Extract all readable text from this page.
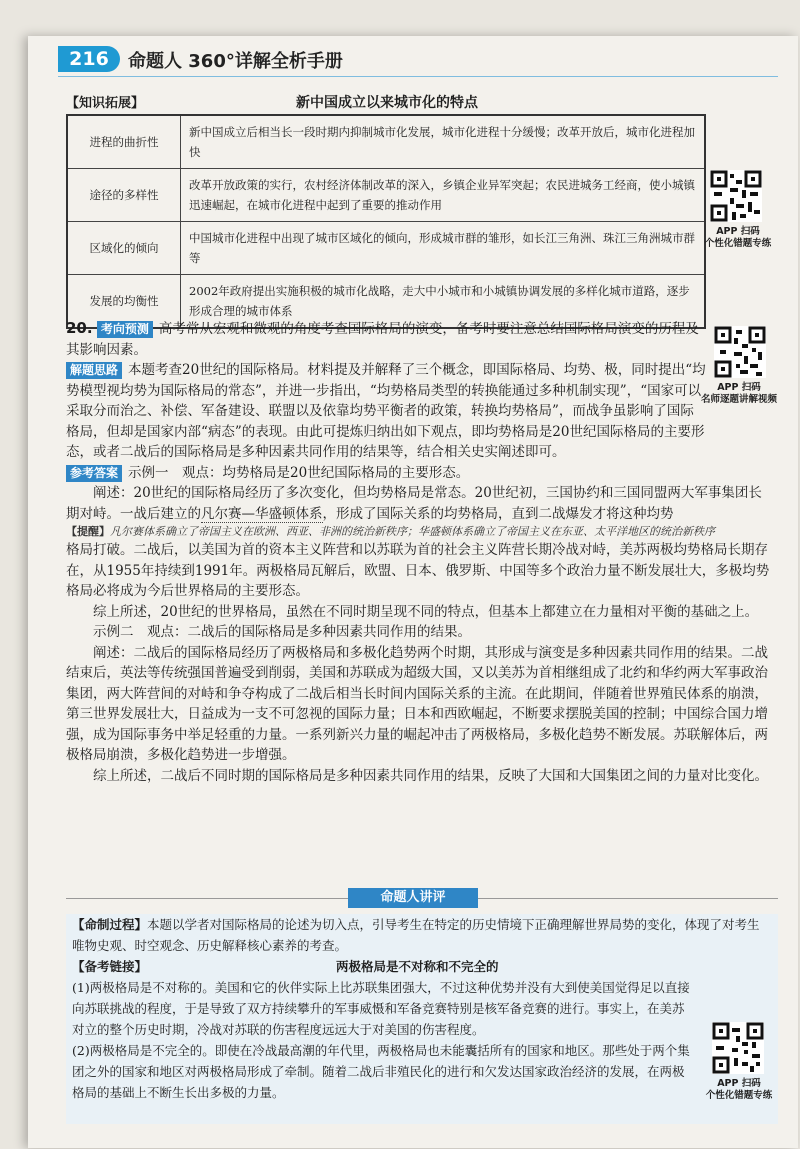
216	命题人 360°详解全析手册
【知识拓展】	新中国成立以来城市化的特点
进程的曲折性	新中国成立后相当长一段时期内抑制城市化发展，城市化进程十分缓慢；改革开放后，城市化进程加快
途径的多样性	改革开放政策的实行，农村经济体制改革的深入，乡镇企业异军突起；农民进城务工经商，使小城镇迅速崛起，在城市化进程中起到了重要的推动作用
区域化的倾向	中国城市化进程中出现了城市区域化的倾向，形成城市群的雏形，如长江三角洲、珠江三角洲城市群等
发展的均衡性	2002年政府提出实施积极的城市化战略，走大中小城市和小城镇协调发展的多样化城市道路，逐步形成合理的城市体系
APP 扫码
个性化错题专练
APP 扫码
名师逐题讲解视频

20. 考向预测 高考常从宏观和微观的角度考查国际格局的演变，备考时要注意总结国际格局演变的历程及其影响因素。

解题思路 本题考查20世纪的国际格局。材料提及并解释了三个概念，即国际格局、均势、极，同时提出“均势模型视均势为国际格局的常态”，并进一步指出，“均势格局类型的转换能通过多种机制实现”，“国家可以采取分而治之、补偿、军备建设、联盟以及依靠均势平衡者的政策，转换均势格局”，而战争虽影响了国际格局，但却是国家内部“病态”的表现。由此可提炼归纳出如下观点，即均势格局是20世纪国际格局的主要形态，或者二战后的国际格局是多种因素共同作用的结果等，结合相关史实阐述即可。

参考答案 示例一　观点：均势格局是20世纪国际格局的主要形态。

阐述：20世纪的国际格局经历了多次变化，但均势格局是常态。20世纪初，三国协约和三国同盟两大军事集团长期对峙。一战后建立的凡尔赛—华盛顿体系，形成了国际关系的均势格局，直到二战爆发才将这种均势

【提醒】凡尔赛体系确立了帝国主义在欧洲、西亚、非洲的统治新秩序；华盛顿体系确立了帝国主义在东亚、太平洋地区的统治新秩序

格局打破。二战后，以美国为首的资本主义阵营和以苏联为首的社会主义阵营长期冷战对峙，美苏两极均势格局长期存在，从1955年持续到1991年。两极格局瓦解后，欧盟、日本、俄罗斯、中国等多个政治力量不断发展壮大，多极均势格局必将成为今后世界格局的主要形态。

综上所述，20世纪的世界格局，虽然在不同时期呈现不同的特点，但基本上都建立在力量相对平衡的基础之上。

示例二　观点：二战后的国际格局是多种因素共同作用的结果。

阐述：二战后的国际格局经历了两极格局和多极化趋势两个时期，其形成与演变是多种因素共同作用的结果。二战结束后，英法等传统强国普遍受到削弱，美国和苏联成为超级大国，又以美苏为首相继组成了北约和华约两大军事政治集团，两大阵营间的对峙和争夺构成了二战后相当长时间内国际关系的主流。在此期间，伴随着世界殖民体系的崩溃，第三世界发展壮大，日益成为一支不可忽视的国际力量；日本和西欧崛起，不断要求摆脱美国的控制；中国综合国力增强，成为国际事务中举足轻重的力量。一系列新兴力量的崛起冲击了两极格局，多极化趋势不断发展。苏联解体后，两极格局崩溃，多极化趋势进一步增强。

综上所述，二战后不同时期的国际格局是多种因素共同作用的结果，反映了大国和大国集团之间的力量对比变化。

命题人讲评

【命制过程】本题以学者对国际格局的论述为切入点，引导考生在特定的历史情境下正确理解世界局势的变化，体现了对考生唯物史观、时空观念、历史解释核心素养的考查。

【备考链接】	两极格局是不对称和不完全的

(1)两极格局是不对称的。美国和它的伙伴实际上比苏联集团强大，不过这种优势并没有大到使美国觉得足以直接向苏联挑战的程度，于是导致了双方持续攀升的军事威慑和军备竞赛特别是核军备竞赛的进行。事实上，在美苏对立的整个历史时期，冷战对苏联的伤害程度远远大于对美国的伤害程度。

(2)两极格局是不完全的。即使在冷战最高潮的年代里，两极格局也未能囊括所有的国家和地区。那些处于两个集团之外的国家和地区对两极格局形成了牵制。随着二战后非殖民化的进行和欠发达国家政治经济的发展，在两极格局的基础上不断生长出多极的力量。

APP 扫码
个性化错题专练
